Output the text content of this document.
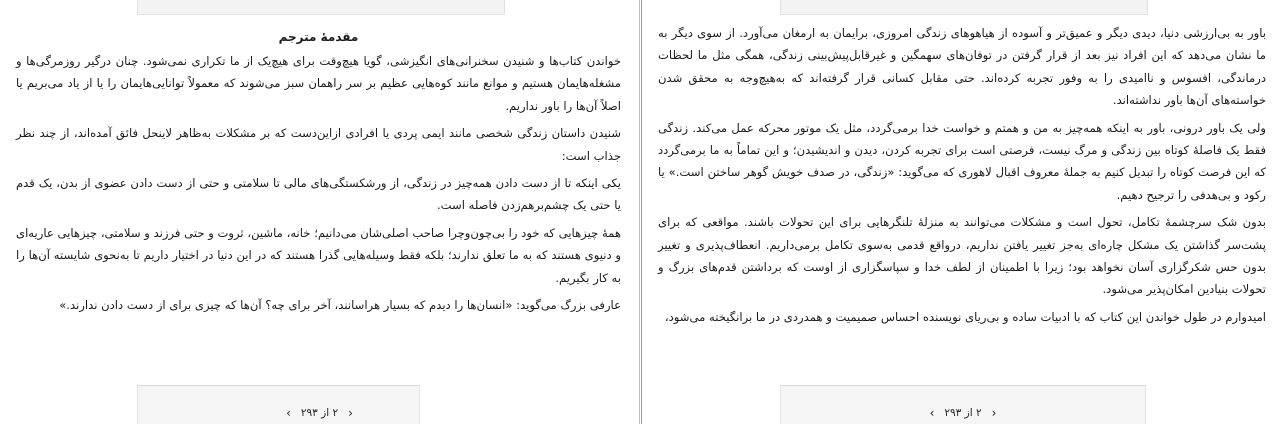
مقدمهٔ مترجم

خواندن کتاب‌ها و شنیدن سخنرانی‌های انگیزشی، گویا هیچ‌وقت برای هیچ‌یک از ما تکراری نمی‌شود. چنان درگیر روزمرگی‌ها و مشغله‌هایمان هستیم و موانع مانند کوه‌هایی عظیم بر سر راهمان سبز می‌شوند که معمولاً توانایی‌هایمان را یا از یاد می‌بریم یا اصلاً آن‌ها را باور نداریم.

شنیدن داستان زندگی شخصی مانند ایمی پردی یا افرادی ازاین‌دست که بر مشکلات به‌ظاهر لاینحل فائق آمده‌اند، از چند نظر جذاب است:

یکی اینکه تا از دست دادن همه‌چیز در زندگی، از ورشکستگی‌های مالی تا سلامتی و حتی از دست دادن عضوی از بدن، یک قدم یا حتی یک چشم‌برهم‌زدن فاصله است.

همهٔ چیزهایی که خود را بی‌چون‌وچرا صاحب اصلی‌شان می‌دانیم؛ خانه، ماشین، ثروت و حتی فرزند و سلامتی، چیزهایی عاریه‌ای و دنیوی هستند که به ما تعلق ندارند؛ بلکه فقط وسیله‌هایی گذرا هستند که در این دنیا در اختیار داریم تا به‌نحوی شایسته آن‌ها را به کار بگیریم.

عارفی بزرگ می‌گوید: «انسان‌ها را دیدم که بسیار هراسانند، آخر برای چه؟ آن‌ها که چیزی برای از دست دادن ندارند.»

‹ ۲ از ۲۹۳ ›

باور به بی‌ارزشی دنیا، دیدی دیگر و عمیق‌تر و آسوده از هیاهوهای زندگی امروزی، برایمان به ارمغان می‌آورد. از سوی دیگر به ما نشان می‌دهد که این افراد نیز بعد از قرار گرفتن در توفان‌های سهمگین و غیرقابل‌پیش‌بینی زندگی، همگی مثل ما لحظات درماندگی، افسوس و ناامیدی را به وفور تجربه کرده‌اند. حتی مقابل کسانی قرار گرفته‌اند که به‌هیچ‌وجه به محقق شدن خواسته‌های آن‌ها باور نداشته‌اند.

ولی یک باور درونی، باور به اینکه همه‌چیز به من و همتم و خواست خدا برمی‌گردد، مثل یک موتور محرکه عمل می‌کند. زندگی فقط یک فاصلهٔ کوتاه بین زندگی و مرگ نیست، فرصتی است برای تجربه کردن، دیدن و اندیشیدن؛ و این تماماً به ما برمی‌گردد که این فرصت کوتاه را تبدیل کنیم به جملهٔ معروف اقبال لاهوری که می‌گوید: «زندگی، در صدف خویش گوهر ساختن است.» یا رکود و بی‌هدفی را ترجیح دهیم.

بدون شک سرچشمهٔ تکامل، تحول است و مشکلات می‌توانند به منزلهٔ تلنگرهایی برای این تحولات باشند. مواقعی که برای پشت‌سر گذاشتن یک مشکل چاره‌ای به‌جز تغییر یافتن نداریم، درواقع قدمی به‌سوی تکامل برمی‌داریم. انعطاف‌پذیری و تغییر بدون حس شکرگزاری آسان نخواهد بود؛ زیرا با اطمینان از لطف خدا و سپاسگزاری از اوست که برداشتن قدم‌های بزرگ و تحولات بنیادین امکان‌پذیر می‌شود.

امیدوارم در طول خواندن این کتاب که با ادبیات ساده و بی‌ریای نویسنده احساس صمیمیت و همدردی در ما برانگیخته می‌شود،

‹ ۲ از ۲۹۳ ›
